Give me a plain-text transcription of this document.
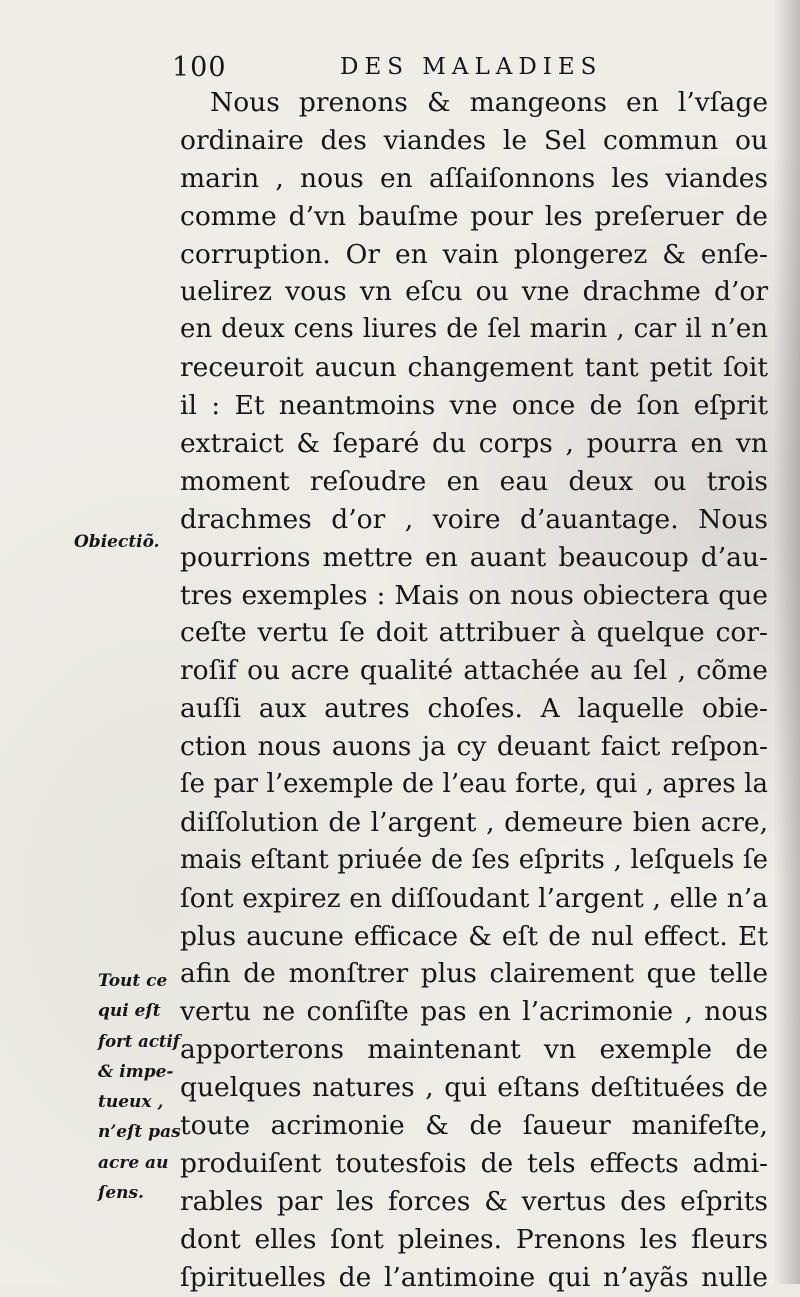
100	DES MALADIES
Nous prenons & mangeons en l’vſage
ordinaire des viandes le Sel commun ou
marin , nous en aſſaiſonnons les viandes
comme d’vn bauſme pour les preſeruer de
corruption. Or en vain plongerez & enſe-
uelirez vous vn eſcu ou vne drachme d’or
en deux cens liures de ſel marin , car il n’en
receuroit aucun changement tant petit ſoit
il : Et neantmoins vne once de ſon eſprit
extraict & ſeparé du corps , pourra en vn
moment reſoudre en eau deux ou trois
drachmes d’or , voire d’auantage. Nous
pourrions mettre en auant beaucoup d’au-
tres exemples : Mais on nous obiectera que
ceſte vertu ſe doit attribuer à quelque cor-
roſif ou acre qualité attachée au ſel , cõme
auſſi aux autres choſes. A laquelle obie-
ction nous auons ja cy deuant faict reſpon-
ſe par l’exemple de l’eau forte, qui , apres la
diſſolution de l’argent , demeure bien acre,
mais eſtant priuée de ſes eſprits , leſquels ſe
ſont expirez en diſſoudant l’argent , elle n’a
plus aucune efficace & eſt de nul effect. Et
afin de monſtrer plus clairement que telle
vertu ne conſiſte pas en l’acrimonie , nous
apporterons maintenant vn exemple de
quelques natures , qui eſtans deſtituées de
toute acrimonie & de ſaueur manifeſte,
produiſent toutesfois de tels effects admi-
rables par les forces & vertus des eſprits
dont elles ſont pleines. Prenons les fleurs
ſpirituelles de l’antimoine qui n’ayãs nulle
Obiectiõ.
Tout ce
qui eſt
fort actif
& impe-
tueux ,
n’eſt pas
acre au
ſens.
